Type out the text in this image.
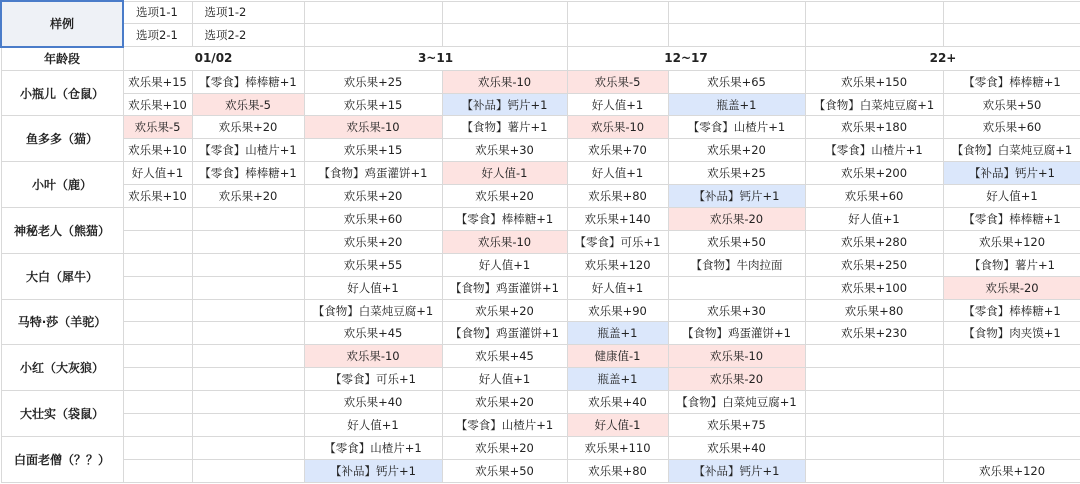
样例	选项1-1	选项1-2						
	选项2-1	选项2-2						
年龄段	01/02		3~11		12~17		22+	
小瓶儿（仓鼠）	欢乐果+15	【零食】棒棒糖+1	欢乐果+25	欢乐果-10	欢乐果-5	欢乐果+65	欢乐果+150	【零食】棒棒糖+1
	欢乐果+10	欢乐果-5	欢乐果+15	【补品】钙片+1	好人值+1	瓶盖+1	【食物】白菜炖豆腐+1	欢乐果+50
鱼多多（猫）	欢乐果-5	欢乐果+20	欢乐果-10	【食物】薯片+1	欢乐果-10	【零食】山楂片+1	欢乐果+180	欢乐果+60
	欢乐果+10	【零食】山楂片+1	欢乐果+15	欢乐果+30	欢乐果+70	欢乐果+20	【零食】山楂片+1	【食物】白菜炖豆腐+1
小叶（鹿）	好人值+1	【零食】棒棒糖+1	【食物】鸡蛋灌饼+1	好人值-1	好人值+1	欢乐果+25	欢乐果+200	【补品】钙片+1
	欢乐果+10	欢乐果+20	欢乐果+20	欢乐果+20	欢乐果+80	【补品】钙片+1	欢乐果+60	好人值+1
神秘老人（熊猫）			欢乐果+60	【零食】棒棒糖+1	欢乐果+140	欢乐果-20	好人值+1	【零食】棒棒糖+1
			欢乐果+20	欢乐果-10	【零食】可乐+1	欢乐果+50	欢乐果+280	欢乐果+120
大白（犀牛）			欢乐果+55	好人值+1	欢乐果+120	【食物】牛肉拉面	欢乐果+250	【食物】薯片+1
			好人值+1	【食物】鸡蛋灌饼+1	好人值+1		欢乐果+100	欢乐果-20
马特·莎（羊驼）			【食物】白菜炖豆腐+1	欢乐果+20	欢乐果+90	欢乐果+30	欢乐果+80	【零食】棒棒糖+1
			欢乐果+45	【食物】鸡蛋灌饼+1	瓶盖+1	【食物】鸡蛋灌饼+1	欢乐果+230	【食物】肉夹馍+1
小红（大灰狼）			欢乐果-10	欢乐果+45	健康值-1	欢乐果-10		
			【零食】可乐+1	好人值+1	瓶盖+1	欢乐果-20		
大壮实（袋鼠）			欢乐果+40	欢乐果+20	欢乐果+40	【食物】白菜炖豆腐+1		
			好人值+1	【零食】山楂片+1	好人值-1	欢乐果+75		
白面老僧（？？）			【零食】山楂片+1	欢乐果+20	欢乐果+110	欢乐果+40		
			【补品】钙片+1	欢乐果+50	欢乐果+80	【补品】钙片+1		欢乐果+120
